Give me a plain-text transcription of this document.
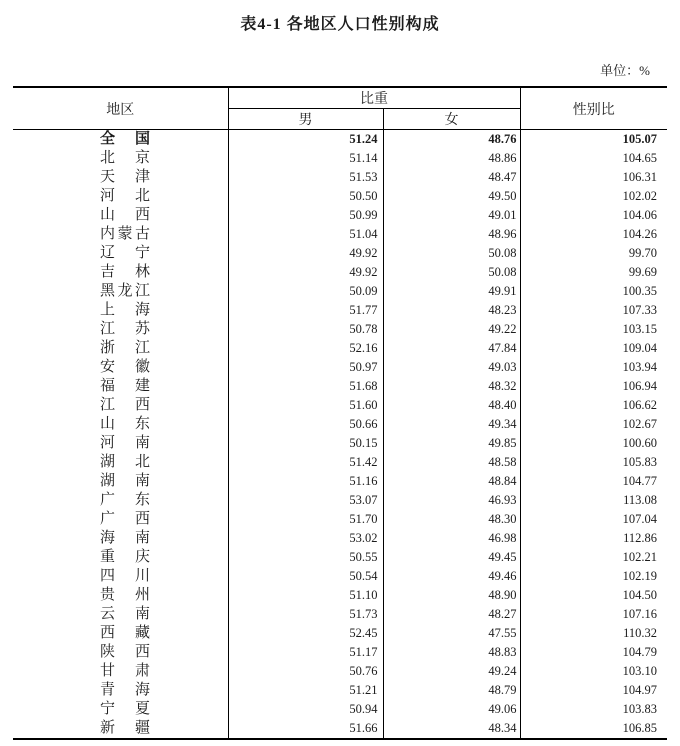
表4-1 各地区人口性别构成
单位：%
地区	比重		性别比
	男	女	
全国	51.24	48.76	105.07
北京	51.14	48.86	104.65
天津	51.53	48.47	106.31
河北	50.50	49.50	102.02
山西	50.99	49.01	104.06
内蒙古	51.04	48.96	104.26
辽宁	49.92	50.08	99.70
吉林	49.92	50.08	99.69
黑龙江	50.09	49.91	100.35
上海	51.77	48.23	107.33
江苏	50.78	49.22	103.15
浙江	52.16	47.84	109.04
安徽	50.97	49.03	103.94
福建	51.68	48.32	106.94
江西	51.60	48.40	106.62
山东	50.66	49.34	102.67
河南	50.15	49.85	100.60
湖北	51.42	48.58	105.83
湖南	51.16	48.84	104.77
广东	53.07	46.93	113.08
广西	51.70	48.30	107.04
海南	53.02	46.98	112.86
重庆	50.55	49.45	102.21
四川	50.54	49.46	102.19
贵州	51.10	48.90	104.50
云南	51.73	48.27	107.16
西藏	52.45	47.55	110.32
陕西	51.17	48.83	104.79
甘肃	50.76	49.24	103.10
青海	51.21	48.79	104.97
宁夏	50.94	49.06	103.83
新疆	51.66	48.34	106.85
